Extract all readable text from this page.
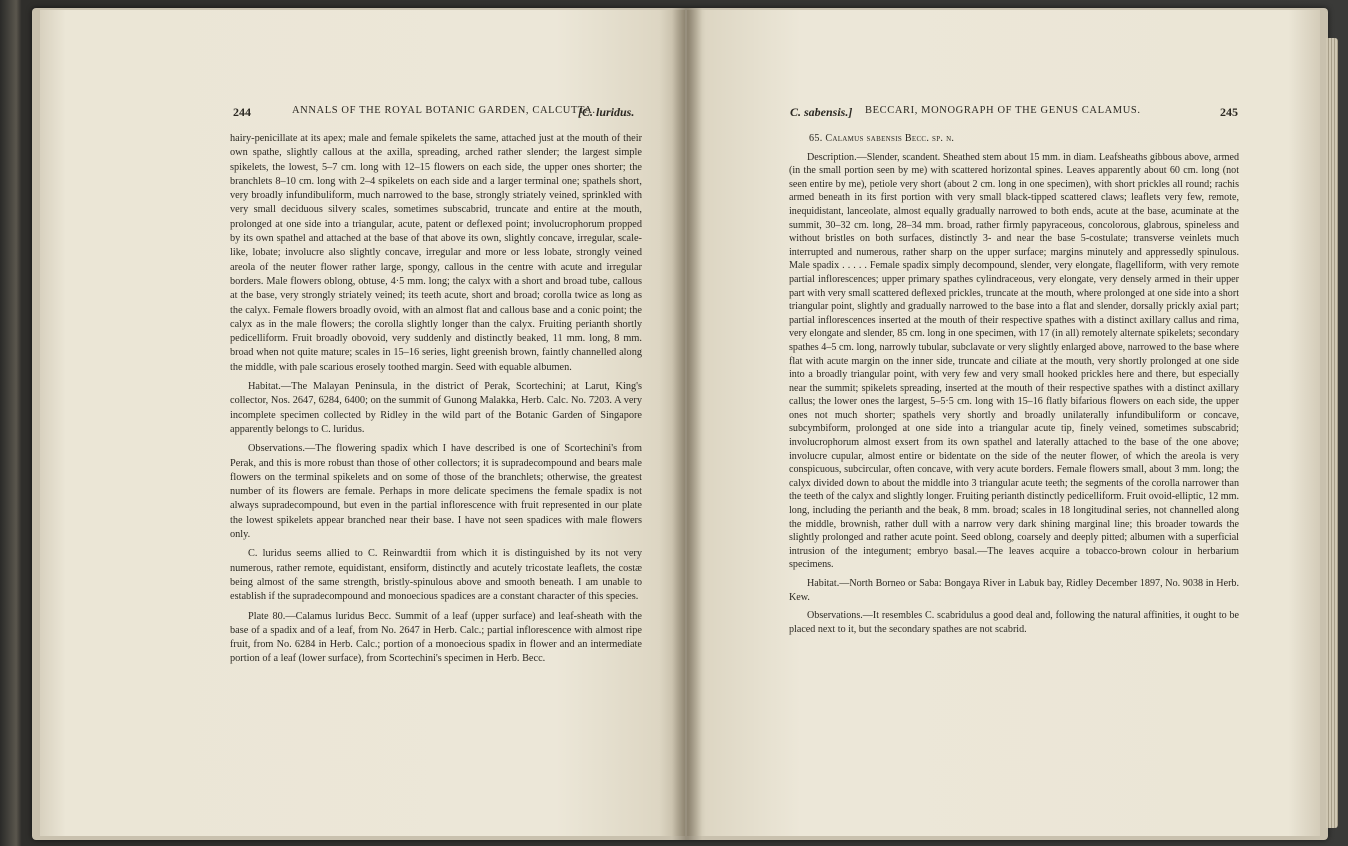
244	ANNALS OF THE ROYAL BOTANIC GARDEN, CALCUTTA.
[C. luridus.

hairy-penicillate at its apex; male and female spikelets the same, attached just at the mouth of their own spathe, slightly callous at the axilla, spreading, arched rather slender; the largest simple spikelets, the lowest, 5–7 cm. long with 12–15 flowers on each side, the upper ones shorter; the branchlets 8–10 cm. long with 2–4 spikelets on each side and a larger terminal one; spathels short, very broadly infundibuliform, much narrowed to the base, strongly striately veined, sprinkled with very small deciduous silvery scales, sometimes subscabrid, truncate and entire at the mouth, prolonged at one side into a triangular, acute, patent or deflexed point; involucrophorum propped by its own spathel and attached at the base of that above its own, slightly concave, irregular, scale-like, lobate; involucre also slightly concave, irregular and more or less lobate, strongly veined areola of the neuter flower rather large, spongy, callous in the centre with acute and irregular borders. Male flowers oblong, obtuse, 4·5 mm. long; the calyx with a short and broad tube, callous at the base, very strongly striately veined; its teeth acute, short and broad; corolla twice as long as the calyx. Female flowers broadly ovoid, with an almost flat and callous base and a conic point; the calyx as in the male flowers; the corolla slightly longer than the calyx. Fruiting perianth shortly pedicelliform. Fruit broadly obovoid, very suddenly and distinctly beaked, 11 mm. long, 8 mm. broad when not quite mature; scales in 15–16 series, light greenish brown, faintly channelled along the middle, with pale scarious erosely toothed margin. Seed with equable albumen.

Habitat.—The Malayan Peninsula, in the district of Perak, Scortechini; at Larut, King's collector, Nos. 2647, 6284, 6400; on the summit of Gunong Malakka, Herb. Calc. No. 7203. A very incomplete specimen collected by Ridley in the wild part of the Botanic Garden of Singapore apparently belongs to C. luridus.

Observations.—The flowering spadix which I have described is one of Scortechini's from Perak, and this is more robust than those of other collectors; it is supradecompound and bears male flowers on the terminal spikelets and on some of those of the branchlets; otherwise, the greatest number of its flowers are female. Perhaps in more delicate specimens the female spadix is not always supradecompound, but even in the partial inflorescence with fruit represented in our plate the lowest spikelets appear branched near their base. I have not seen spadices with male flowers only.

C. luridus seems allied to C. Reinwardtii from which it is distinguished by its not very numerous, rather remote, equidistant, ensiform, distinctly and acutely tricostate leaflets, the costæ being almost of the same strength, bristly-spinulous above and smooth beneath. I am unable to establish if the supradecompound and monoecious spadices are a constant character of this species.

Plate 80.—Calamus luridus Becc. Summit of a leaf (upper surface) and leaf-sheath with the base of a spadix and of a leaf, from No. 2647 in Herb. Calc.; partial inflorescence with almost ripe fruit, from No. 6284 in Herb. Calc.; portion of a monoecious spadix in flower and an intermediate portion of a leaf (lower surface), from Scortechini's specimen in Herb. Becc.

C. sabensis.] BECCARI, MONOGRAPH OF THE GENUS CALAMUS.	245

65. Calamus sabensis Becc. sp. n.

Description.—Slender, scandent. Sheathed stem about 15 mm. in diam. Leafsheaths gibbous above, armed (in the small portion seen by me) with scattered horizontal spines. Leaves apparently about 60 cm. long (not seen entire by me), petiole very short (about 2 cm. long in one specimen), with short prickles all round; rachis armed beneath in its first portion with very small black-tipped scattered claws; leaflets very few, remote, inequidistant, lanceolate, almost equally gradually narrowed to both ends, acute at the base, acuminate at the summit, 30–32 cm. long, 28–34 mm. broad, rather firmly papyraceous, concolorous, glabrous, spineless and without bristles on both surfaces, distinctly 3- and near the base 5-costulate; transverse veinlets much interrupted and numerous, rather sharp on the upper surface; margins minutely and appressedly spinulous. Male spadix . . . . . Female spadix simply decompound, slender, very elongate, flagelliform, with very remote partial inflorescences; upper primary spathes cylindraceous, very elongate, very densely armed in their upper part with very small scattered deflexed prickles, truncate at the mouth, where prolonged at one side into a short triangular point, slightly and gradually narrowed to the base into a flat and slender, dorsally prickly axial part; partial inflorescences inserted at the mouth of their respective spathes with a distinct axillary callus and rima, very elongate and slender, 85 cm. long in one specimen, with 17 (in all) remotely alternate spikelets; secondary spathes 4–5 cm. long, narrowly tubular, subclavate or very slightly enlarged above, narrowed to the base where flat with acute margin on the inner side, truncate and ciliate at the mouth, very shortly prolonged at one side into a broadly triangular point, with very few and very small hooked prickles here and there, but especially near the summit; spikelets spreading, inserted at the mouth of their respective spathes with a distinct axillary callus; the lower ones the largest, 5–5·5 cm. long with 15–16 flatly bifarious flowers on each side, the upper ones not much shorter; spathels very shortly and broadly unilaterally infundibuliform or concave, subcymbiform, prolonged at one side into a triangular acute tip, finely veined, sometimes subscabrid; involucrophorum almost exsert from its own spathel and laterally attached to the base of the one above; involucre cupular, almost entire or bidentate on the side of the neuter flower, of which the areola is very conspicuous, subcircular, often concave, with very acute borders. Female flowers small, about 3 mm. long; the calyx divided down to about the middle into 3 triangular acute teeth; the segments of the corolla narrower than the teeth of the calyx and slightly longer. Fruiting perianth distinctly pedicelliform. Fruit ovoid-elliptic, 12 mm. long, including the perianth and the beak, 8 mm. broad; scales in 18 longitudinal series, not channelled along the middle, brownish, rather dull with a narrow very dark shining marginal line; this broader towards the slightly prolonged and rather acute point. Seed oblong, coarsely and deeply pitted; albumen with a superficial intrusion of the integument; embryo basal.—The leaves acquire a tobacco-brown colour in herbarium specimens.

Habitat.—North Borneo or Saba: Bongaya River in Labuk bay, Ridley December 1897, No. 9038 in Herb. Kew.

Observations.—It resembles C. scabridulus a good deal and, following the natural affinities, it ought to be placed next to it, but the secondary spathes are not scabrid.
